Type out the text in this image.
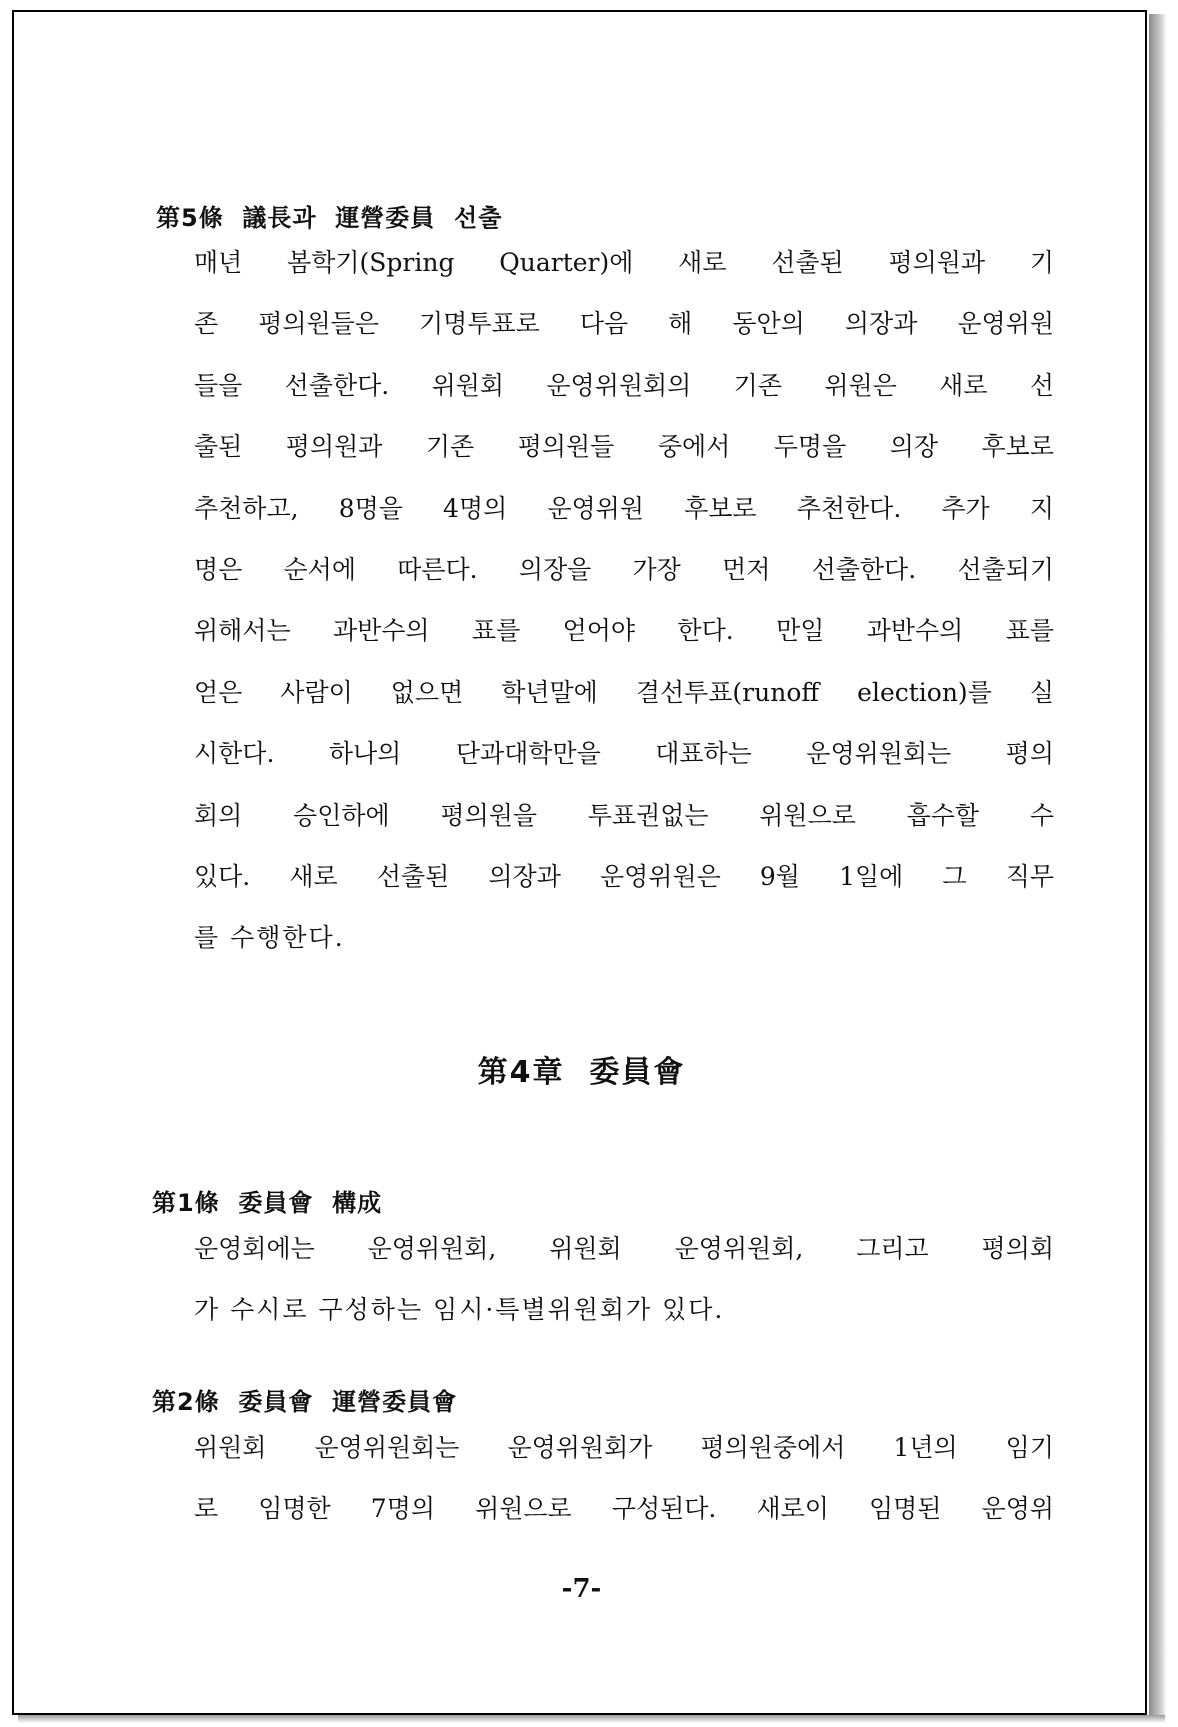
第5條  議長과  運營委員  선출
매년 봄학기(Spring Quarter)에 새로 선출된 평의원과 기
존 평의원들은 기명투표로 다음 해 동안의 의장과 운영위원
들을 선출한다. 위원회 운영위원회의 기존 위원은 새로 선
출된 평의원과 기존 평의원들 중에서 두명을 의장 후보로
추천하고, 8명을 4명의 운영위원 후보로 추천한다. 추가 지
명은 순서에 따른다. 의장을 가장 먼저 선출한다. 선출되기
위해서는 과반수의 표를 얻어야 한다. 만일 과반수의 표를
얻은 사람이 없으면 학년말에 결선투표(runoff election)를 실
시한다. 하나의 단과대학만을 대표하는 운영위원회는 평의
회의 승인하에 평의원을 투표권없는 위원으로 흡수할 수
있다. 새로 선출된 의장과 운영위원은 9월 1일에 그 직무
를 수행한다.
第4章  委員會
第1條  委員會  構成
운영회에는 운영위원회, 위원회 운영위원회, 그리고 평의회
가 수시로 구성하는 임시·특별위원회가 있다.
第2條  委員會  運營委員會
위원회 운영위원회는 운영위원회가 평의원중에서 1년의 임기
로 임명한 7명의 위원으로 구성된다. 새로이 임명된 운영위
-7-
